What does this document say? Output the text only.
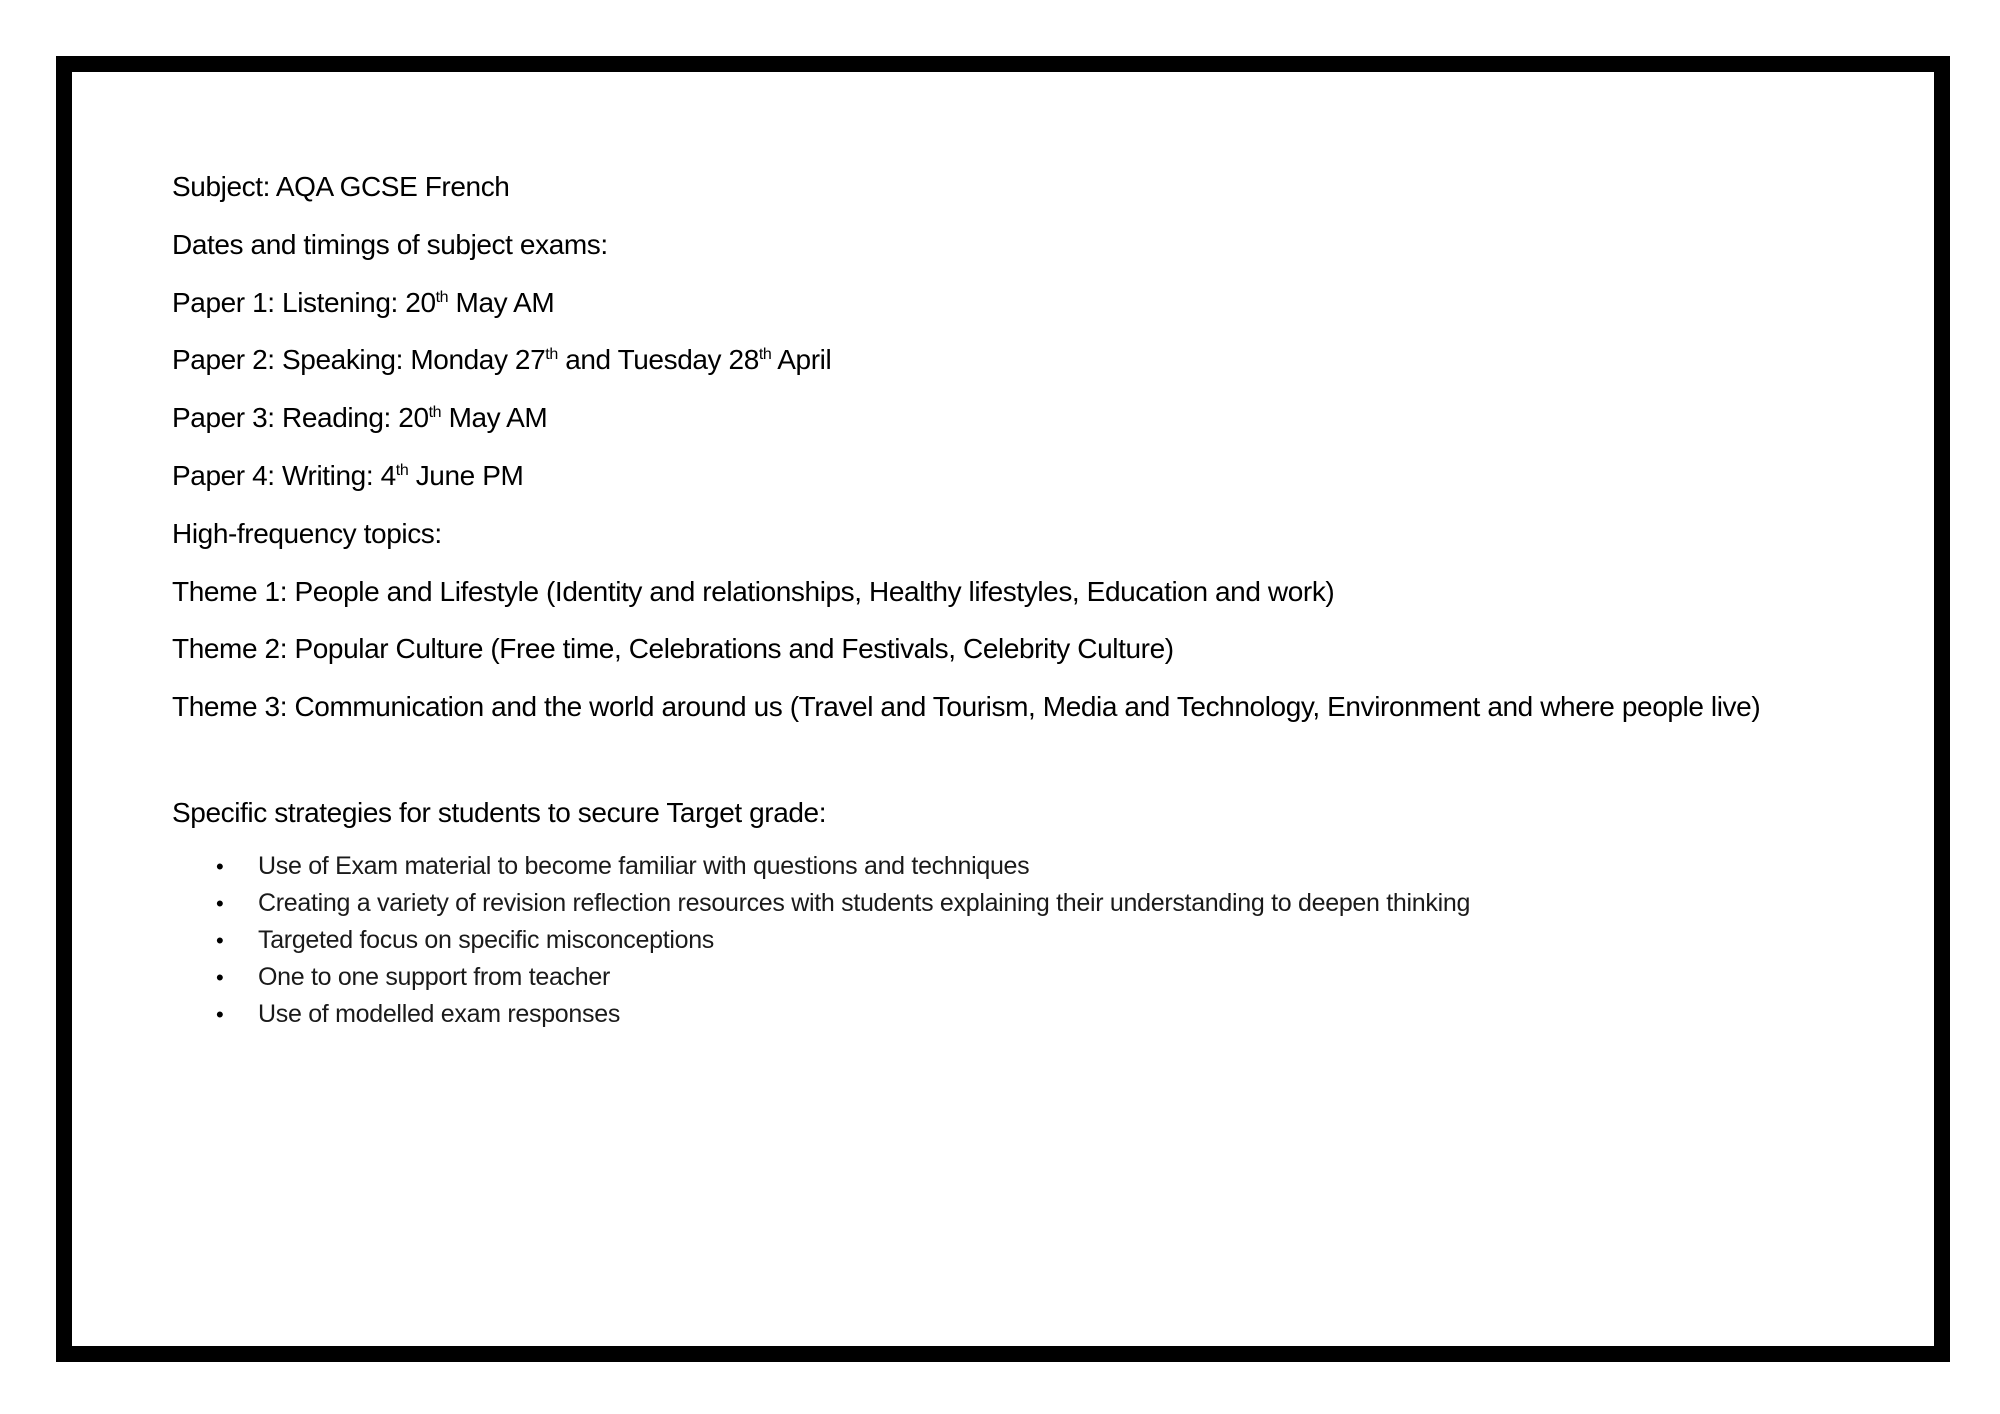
Subject: AQA GCSE French
Dates and timings of subject exams:
Paper 1: Listening: 20th May AM
Paper 2: Speaking: Monday 27th and Tuesday 28th April
Paper 3: Reading: 20th May AM
Paper 4: Writing: 4th June PM
High-frequency topics:
Theme 1: People and Lifestyle (Identity and relationships, Healthy lifestyles, Education and work)
Theme 2: Popular Culture (Free time, Celebrations and Festivals, Celebrity Culture)
Theme 3: Communication and the world around us (Travel and Tourism, Media and Technology, Environment and where people live)
Specific strategies for students to secure Target grade:
• Use of Exam material to become familiar with questions and techniques
• Creating a variety of revision reflection resources with students explaining their understanding to deepen thinking
• Targeted focus on specific misconceptions
• One to one support from teacher
• Use of modelled exam responses
